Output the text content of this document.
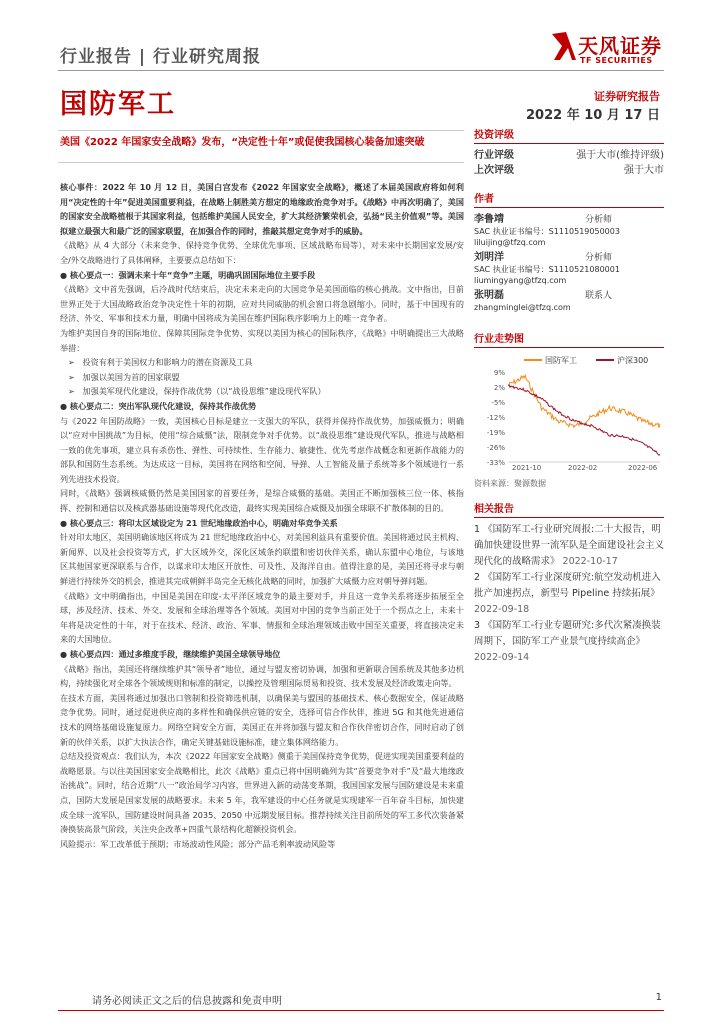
行业报告 | 行业研究周报	天风证券
TF SECURITIES
国防军工	证券研究报告
2022 年 10 月 17 日
美国《2022 年国家安全战略》发布，“决定性十年”或促使我国核心装备加速突破

核心事件：2022 年 10 月 12 日，美国白宫发布《2022 年国家安全战略》，概述了本届美国政府将如何利用“决定性的十年”促进美国重要利益，在战略上制胜美方想定的地缘政治竞争对手。《战略》中再次明确了，美国的国家安全战略植根于其国家利益，包括维护美国人民安全，扩大其经济繁荣机会，弘扬“民主价值观”等。美国拟建立最强大和最广泛的国家联盟，在加强合作的同时，推敲其想定竞争对手的威胁。

《战略》从 4 大部分（未来竞争、保持竞争优势、全球优先事项、区域战略布局等），对未来中长期国家发展/安全/外交战略进行了具体阐释，主要要点总结如下：

● 核心要点一：强调未来十年“竞争”主题，明确巩固国际地位主要手段

《战略》文中首先强调，后冷战时代结束后，决定未来走向的大国竞争是美国面临的核心挑战。文中指出，目前世界正处于大国战略政治竞争决定性十年的初期，应对共同威胁的机会窗口将急剧缩小。同时，基于中国现有的经济、外交、军事和技术力量，明确中国将成为美国在维护国际秩序影响力上的唯一竞争者。

为维护美国自身的国际地位、保障其国际竞争优势、实现以美国为核心的国际秩序，《战略》中明确提出三大战略举措：

➢   投资有利于美国权力和影响力的潜在资源及工具

➢   加强以美国为首的国家联盟

➢   加强美军现代化建设，保持作战优势（以“战役思维”建设现代军队）

● 核心要点二：突出军队现代化建设，保持其作战优势

与《2022 年国防战略》一致，美国核心目标是建立一支强大的军队，获得并保持作战优势，加强威慑力；明确以“应对中国挑战”为目标，使用“综合威慑”法，限制竞争对手优势。以“战役思维”建设现代军队，推进与战略相一致的优先事项，建立具有杀伤性、弹性、可持续性、生存能力、敏捷性、优先考虑作战概念和更新作战能力的部队和国防生态系统。为达成这一目标，美国将在网络和空间、导弹、人工智能及量子系统等多个领域进行一系列先进技术投资。

同时，《战略》强调核威慑仍然是美国国家的首要任务，是综合威慑的基础。美国正不断加强核三位一体、核指挥、控制和通信以及核武器基础设施等现代化改造，最终实现美国综合威慑及加强全球联不扩散体制的目的。

● 核心要点三：将印太区域设定为 21 世纪地缘政治中心，明确对华竞争关系

针对印太地区，美国明确该地区将成为 21 世纪地缘政治中心，对美国利益具有重要价值。美国将通过民主机构、新闻界、以及社会投资等方式，扩大区域外交，深化区域条约联盟和密切伙伴关系，确认东盟中心地位，与该地区其他国家更深联系与合作，以谋求印太地区开放性、可及性、及海洋自由。值得注意的是，美国还将寻求与朝鲜进行持续外交的机会，推进其完成朝鲜半岛完全无核化战略的同时，加强扩大威慑力应对朝导弹问题。

《战略》文中明确指出，中国是美国在印度-太平洋区域竞争的最主要对手，并且这一竞争关系将逐步拓展至全球，涉及经济、技术、外交、发展和全球治理等各个领域。美国对中国的竞争当前正处于一个拐点之上，未来十年将是决定性的十年，对于在技术、经济、政治、军事、情报和全球治理领域击败中国至关重要，将直接决定未来的大国地位。

● 核心要点四：通过多维度手段，继续维护美国全球领导地位

《战略》指出，美国还将继续维护其“领导者”地位，通过与盟友密切协调，加强和更新联合国系统及其他多边机构，持续强化对全球各个领域规则和标准的制定，以操控及管理国际贸易和投资、技术发展及经济政策走向等。

在技术方面，美国将通过加强出口管制和投资筛选机制，以确保美与盟国的基础技术、核心数据安全，保证战略竞争优势。同时，通过促进供应商的多样性和确保供应链的安全，选择可信合作伙伴，推进 5G 和其他先进通信技术的网络基础设施复原力。网络空间安全方面，美国正在并将加强与盟友和合作伙伴密切合作，同时启动了创新的伙伴关系，以扩大执法合作，确定关键基础设施标准，建立集体网络能力。

总结及投资观点：我们认为，本次《2022 年国家安全战略》侧重于美国保持竞争优势，促进实现美国重要利益的战略愿景。与以往美国国家安全战略相比，此次《战略》重点已将中国明确列为其“首要竞争对手”及“最大地缘政治挑战”。同时，结合近期“八一”政治局学习内容，世界进入新的动荡变革期，我国国家发展与国防建设是未来重点，国防大发展是国家发展的战略要求。未来 5 年，我军建设的中心任务就是实现建军一百年奋斗目标，加快建成全球一流军队，国防建设时间具备 2035、2050 中远期发展目标。推荐持续关注目前所处的军工多代次装备紧凑换装高景气阶段，关注央企改革+四重气景结构化超额投资机会。

风险提示：军工改革低于预期；市场波动性风险；部分产品毛利率波动风险等

投资评级
行业评级	强于大市(维持评级)
上次评级	强于大市
作者
李鲁靖	分析师
SAC 执业证书编号：S1110519050003
liluijing@tfzq.com
刘明洋	分析师
SAC 执业证书编号：S1110521080001
liumingyang@tfzq.com
张明磊	联系人
zhangminglei@tfzq.com
行业走势图
国防军工	沪深300
9%
2%
-5%
-12%
-19%
-26%
-33%
2021-10	2022-02	2022-06
资料来源：聚源数据
相关报告
1 《国防军工-行业研究周报:二十大报告，明确加快建设世界一流军队是全面建设社会主义现代化的战略需求》 2022-10-17
2 《国防军工-行业深度研究:航空发动机进入批产加速拐点，新型号 Pipeline 持续拓展》 2022-09-18
3 《国防军工-行业专题研究:多代次紧凑换装周期下，国防军工产业景气度持续高企》 2022-09-14
请务必阅读正文之后的信息披露和免责申明	1
